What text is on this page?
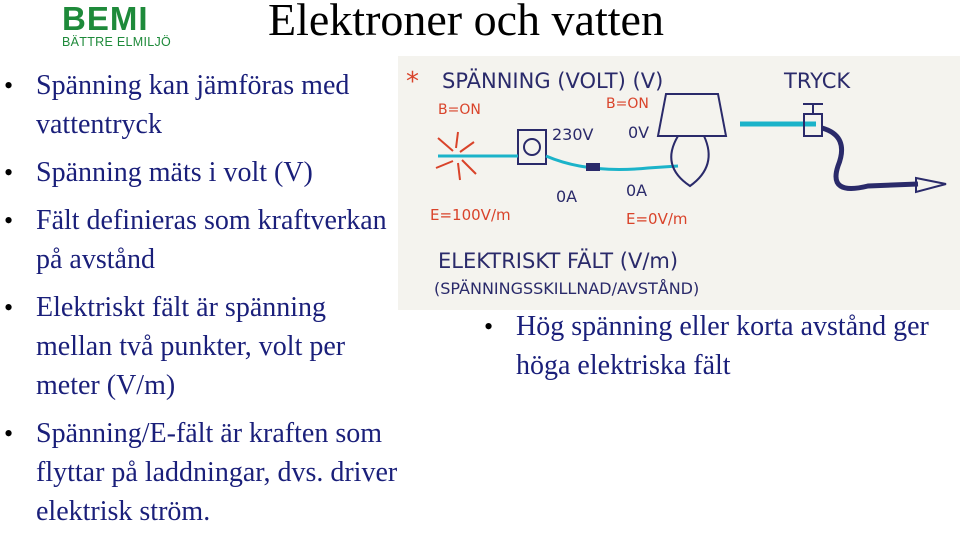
BEMI
BÄTTRE ELMILJÖ Elektroner och vatten
• Spänning kan jämföras med vattentryck
• Spänning mäts i volt (V)
• Fält definieras som kraftverkan på avstånd
• Elektriskt fält är spänning mellan två punkter, volt per meter (V/m)
• Spänning/E-fält är kraften som flyttar på laddningar, dvs. driver elektrisk ström.
* SPÄNNING (VOLT) (V)	TRYCK
B=ON	B=ON
230V 0V
0A	0A
E=100V/m	E=0V/m
ELEKTRISKT FÄLT (V/m)
(SPÄNNINGSSKILLNAD/AVSTÅND)
• Hög spänning eller korta avstånd ger höga elektriska fält
